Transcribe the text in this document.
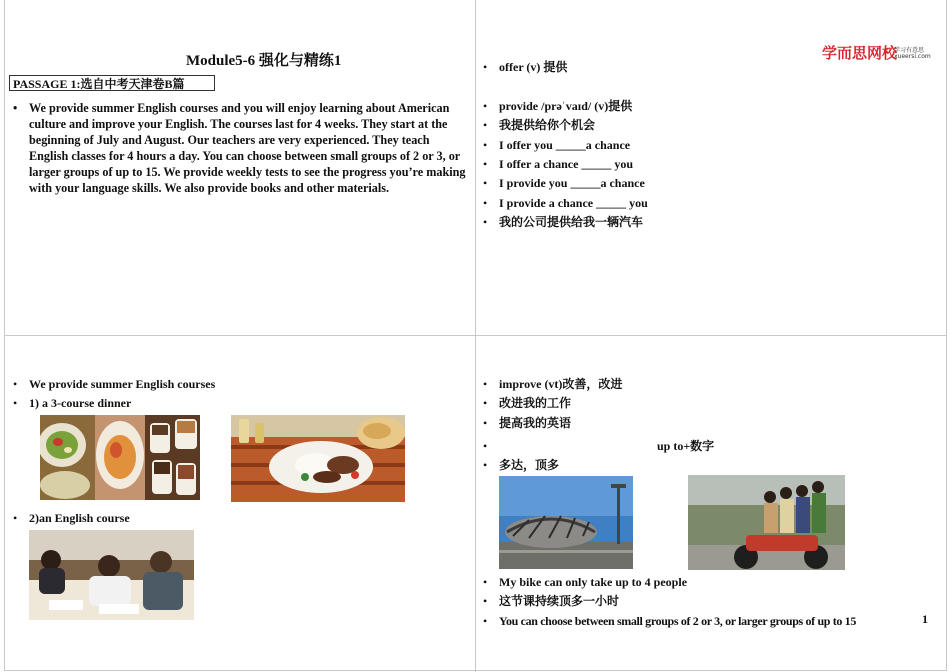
Module5-6 强化与精练1
PASSAGE 1:选自中考天津卷B篇
• We provide summer English courses and you will enjoy learning about American culture and improve your English. The courses last for 4 weeks. They start at the beginning of July and August. Our teachers are very experienced. They teach English classes for 4 hours a day. You can choose between small groups of 2 or 3, or larger groups of up to 15. We provide weekly tests to see the progress you’re making with your language skills. We also provide books and other materials.
学而思网校
学习有意思
xueersi.com
• offer (v) 提供
• provide /prəˈvaɪd/ (v)提供
• 我提供给你个机会
• I offer you _____a chance
• I offer a chance _____ you
• I provide you _____a chance
• I provide a chance _____ you
• 我的公司提供给我一辆汽车
• We provide summer English courses
• 1) a 3-course dinner
• 2)an English course
• improve (vt)改善，改进
• 改进我的工作
• 提高我的英语
•	up to+数字
• 多达，顶多
• My bike can only take up to 4 people
• 这节课持续顶多一小时
• You can choose between small groups of 2 or 3, or larger groups of up to 15	1
